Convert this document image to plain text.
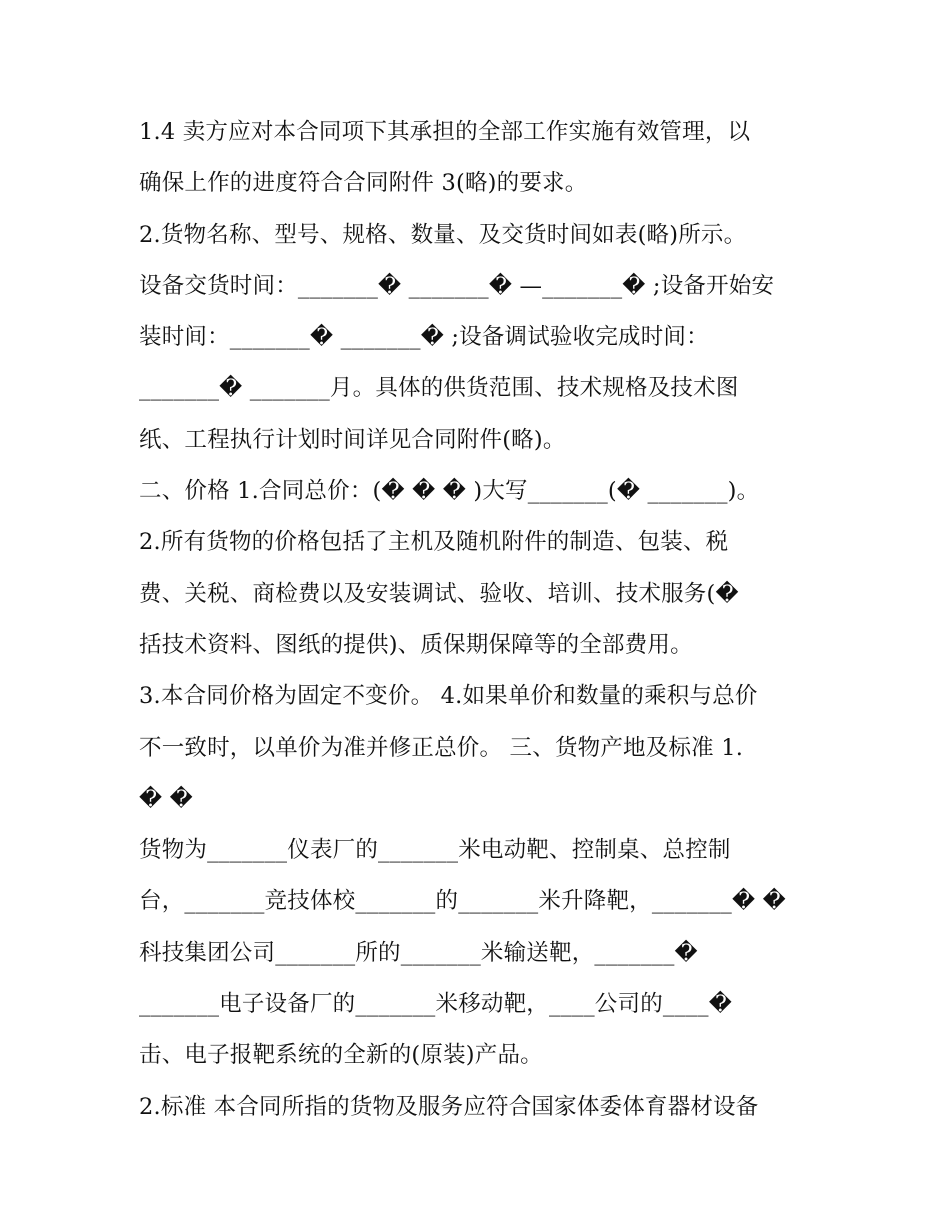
1.4 卖方应对本合同项下其承担的全部工作实施有效管理，以
确保上作的进度符合合同附件 3(略)的要求。
2.货物名称、型号、规格、数量、及交货时间如表(略)所示。
设备交货时间：_______� _______� —_______� ;设备开始安
装时间：_______� _______� ;设备调试验收完成时间：
_______� _______月。具体的供货范围、技术规格及技术图
纸、工程执行计划时间详见合同附件(略)。
二、价格 1.合同总价：(� � � )大写_______(� _______)。
2.所有货物的价格包括了主机及随机附件的制造、包装、税
费、关税、商检费以及安装调试、验收、培训、技术服务(�
括技术资料、图纸的提供)、质保期保障等的全部费用。
3.本合同价格为固定不变价。 4.如果单价和数量的乘积与总价
不一致时，以单价为准并修正总价。 三、货物产地及标准 1.
� �
货物为_______仪表厂的_______米电动靶、控制桌、总控制
台，_______竞技体校_______的_______米升降靶，_______� �
科技集团公司_______所的_______米输送靶，_______�
_______电子设备厂的_______米移动靶，____公司的____�
击、电子报靶系统的全新的(原装)产品。
2.标准 本合同所指的货物及服务应符合国家体委体育器材设备
